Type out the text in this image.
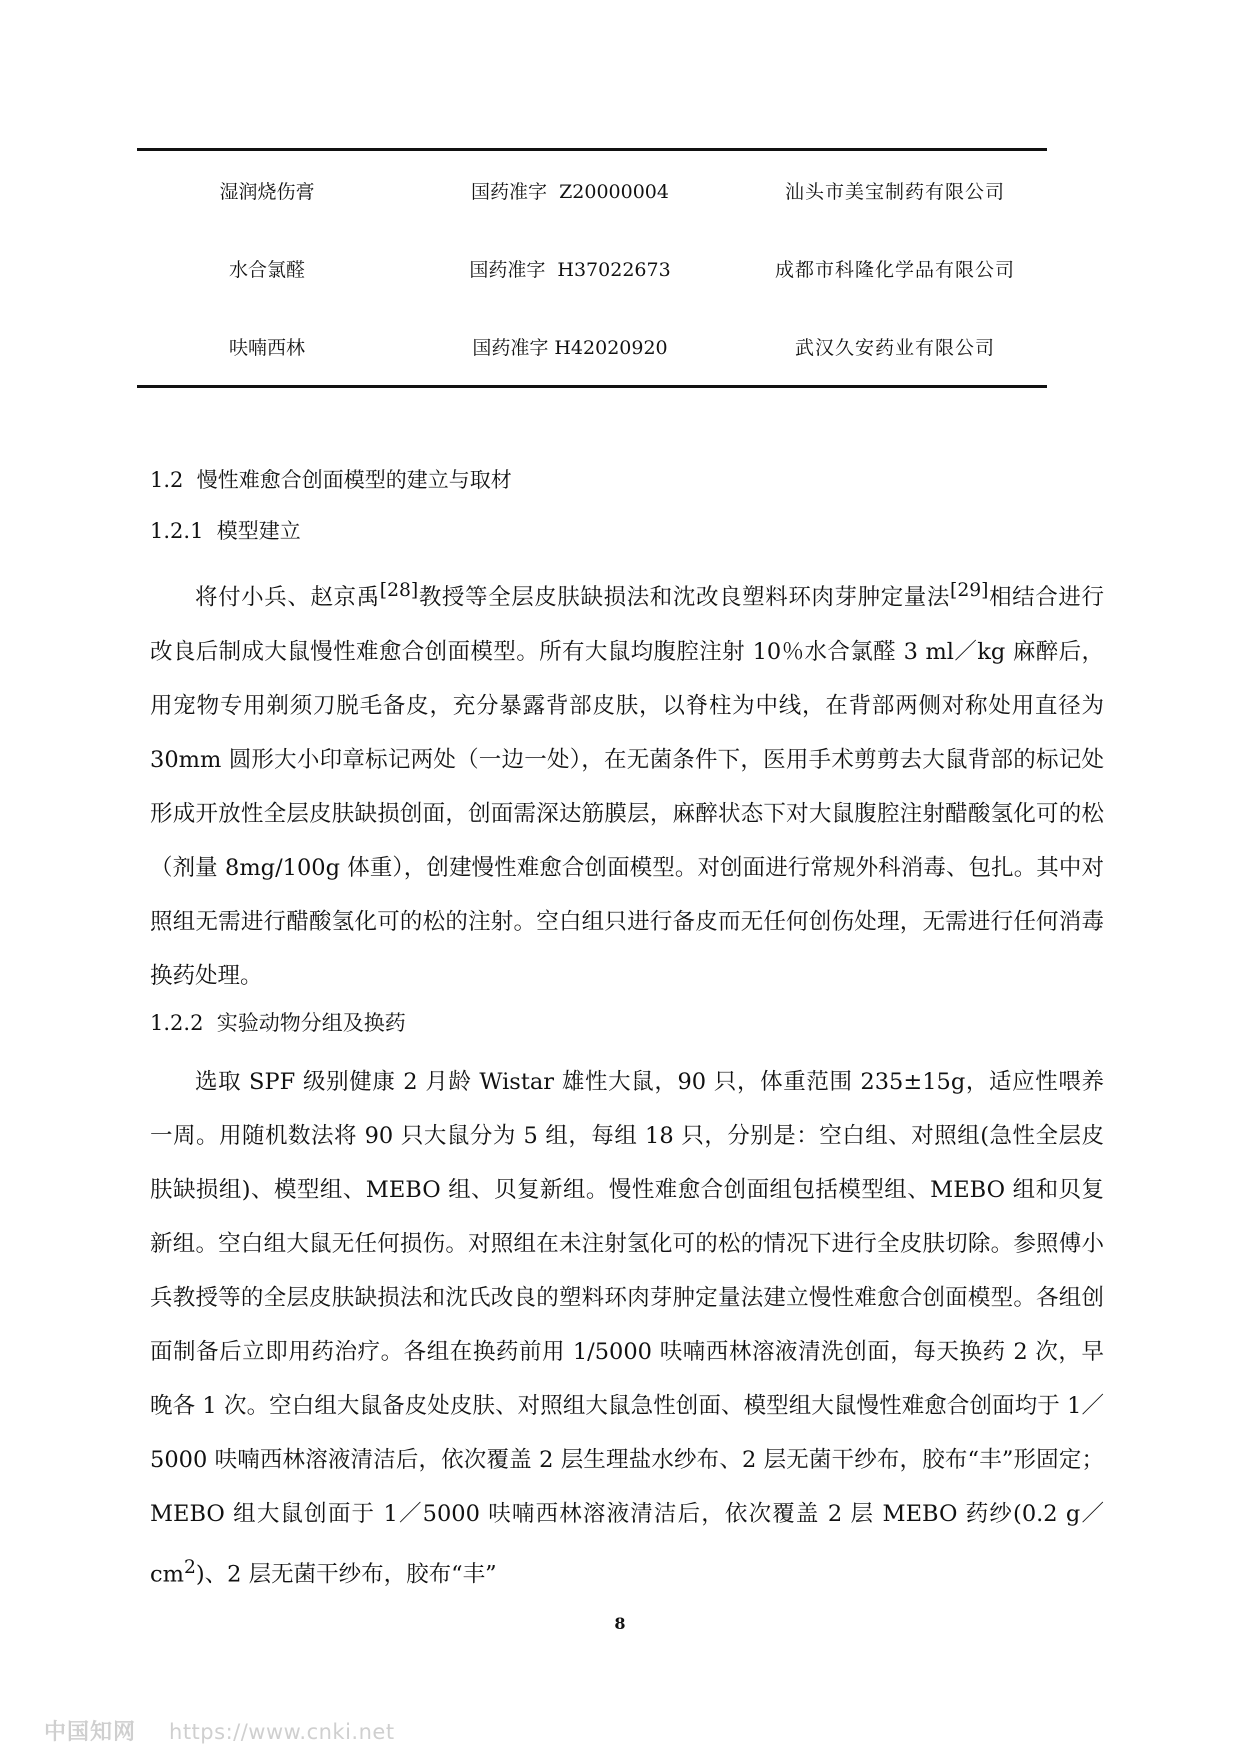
湿润烧伤膏	国药准字  Z20000004	汕头市美宝制药有限公司
水合氯醛	国药准字  H37022673	成都市科隆化学品有限公司
呋喃西林	国药准字 H42020920	武汉久安药业有限公司
1.2 慢性难愈合创面模型的建立与取材
1.2.1 模型建立

将付小兵、赵京禹[28]教授等全层皮肤缺损法和沈改良塑料环肉芽肿定量法[29]相结合进行改良后制成大鼠慢性难愈合创面模型。所有大鼠均腹腔注射 10％水合氯醛 3 ml／kg 麻醉后，用宠物专用剃须刀脱毛备皮，充分暴露背部皮肤，以脊柱为中线，在背部两侧对称处用直径为 30mm 圆形大小印章标记两处（一边一处），在无菌条件下，医用手术剪剪去大鼠背部的标记处形成开放性全层皮肤缺损创面，创面需深达筋膜层，麻醉状态下对大鼠腹腔注射醋酸氢化可的松（剂量 8mg/100g 体重），创建慢性难愈合创面模型。对创面进行常规外科消毒、包扎。其中对照组无需进行醋酸氢化可的松的注射。空白组只进行备皮而无任何创伤处理，无需进行任何消毒换药处理。

1.2.2 实验动物分组及换药

选取 SPF 级别健康 2 月龄 Wistar 雄性大鼠，90 只，体重范围 235±15g，适应性喂养一周。用随机数法将 90 只大鼠分为 5 组，每组 18 只，分别是：空白组、对照组(急性全层皮肤缺损组)、模型组、MEBO 组、贝复新组。慢性难愈合创面组包括模型组、MEBO 组和贝复新组。空白组大鼠无任何损伤。对照组在未注射氢化可的松的情况下进行全皮肤切除。参照傅小兵教授等的全层皮肤缺损法和沈氏改良的塑料环肉芽肿定量法建立慢性难愈合创面模型。各组创面制备后立即用药治疗。各组在换药前用 1/5000 呋喃西林溶液清洗创面，每天换药 2 次，早晚各 1 次。空白组大鼠备皮处皮肤、对照组大鼠急性创面、模型组大鼠慢性难愈合创面均于 1／5000 呋喃西林溶液清洁后，依次覆盖 2 层生理盐水纱布、2 层无菌干纱布，胶布“丰”形固定；MEBO 组大鼠创面于 1／5000 呋喃西林溶液清洁后，依次覆盖 2 层 MEBO 药纱(0.2 $g/cm^2$)、2 层无菌干纱布，胶布“丰”

8
中国知网 https://www.cnki.net
